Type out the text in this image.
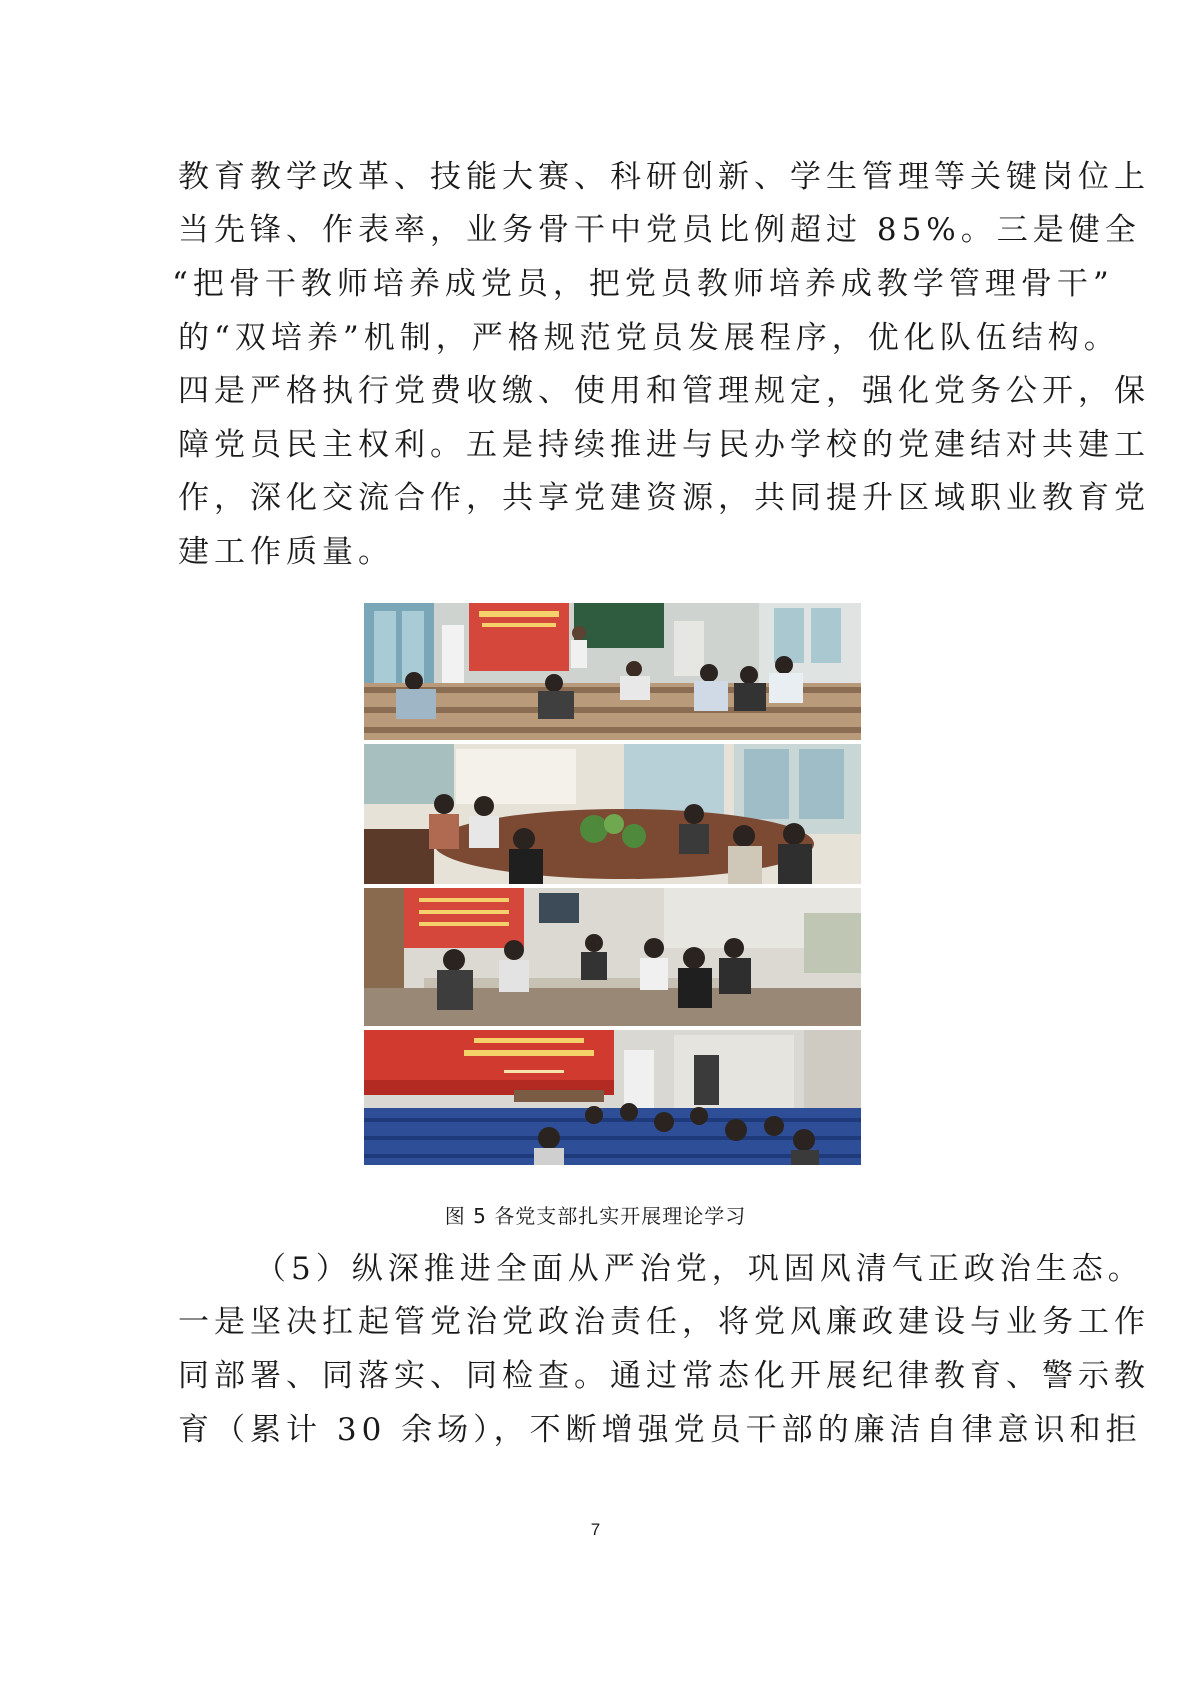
教育教学改革、技能大赛、科研创新、学生管理等关键岗位上
当先锋、作表率，业务骨干中党员比例超过 85%。三是健全
“把骨干教师培养成党员，把党员教师培养成教学管理骨干”
的“双培养”机制，严格规范党员发展程序，优化队伍结构。
四是严格执行党费收缴、使用和管理规定，强化党务公开，保
障党员民主权利。五是持续推进与民办学校的党建结对共建工
作，深化交流合作，共享党建资源，共同提升区域职业教育党
建工作质量。
图 5 各党支部扎实开展理论学习
（5）纵深推进全面从严治党，巩固风清气正政治生态。
一是坚决扛起管党治党政治责任，将党风廉政建设与业务工作
同部署、同落实、同检查。通过常态化开展纪律教育、警示教
育（累计 30 余场），不断增强党员干部的廉洁自律意识和拒
7
